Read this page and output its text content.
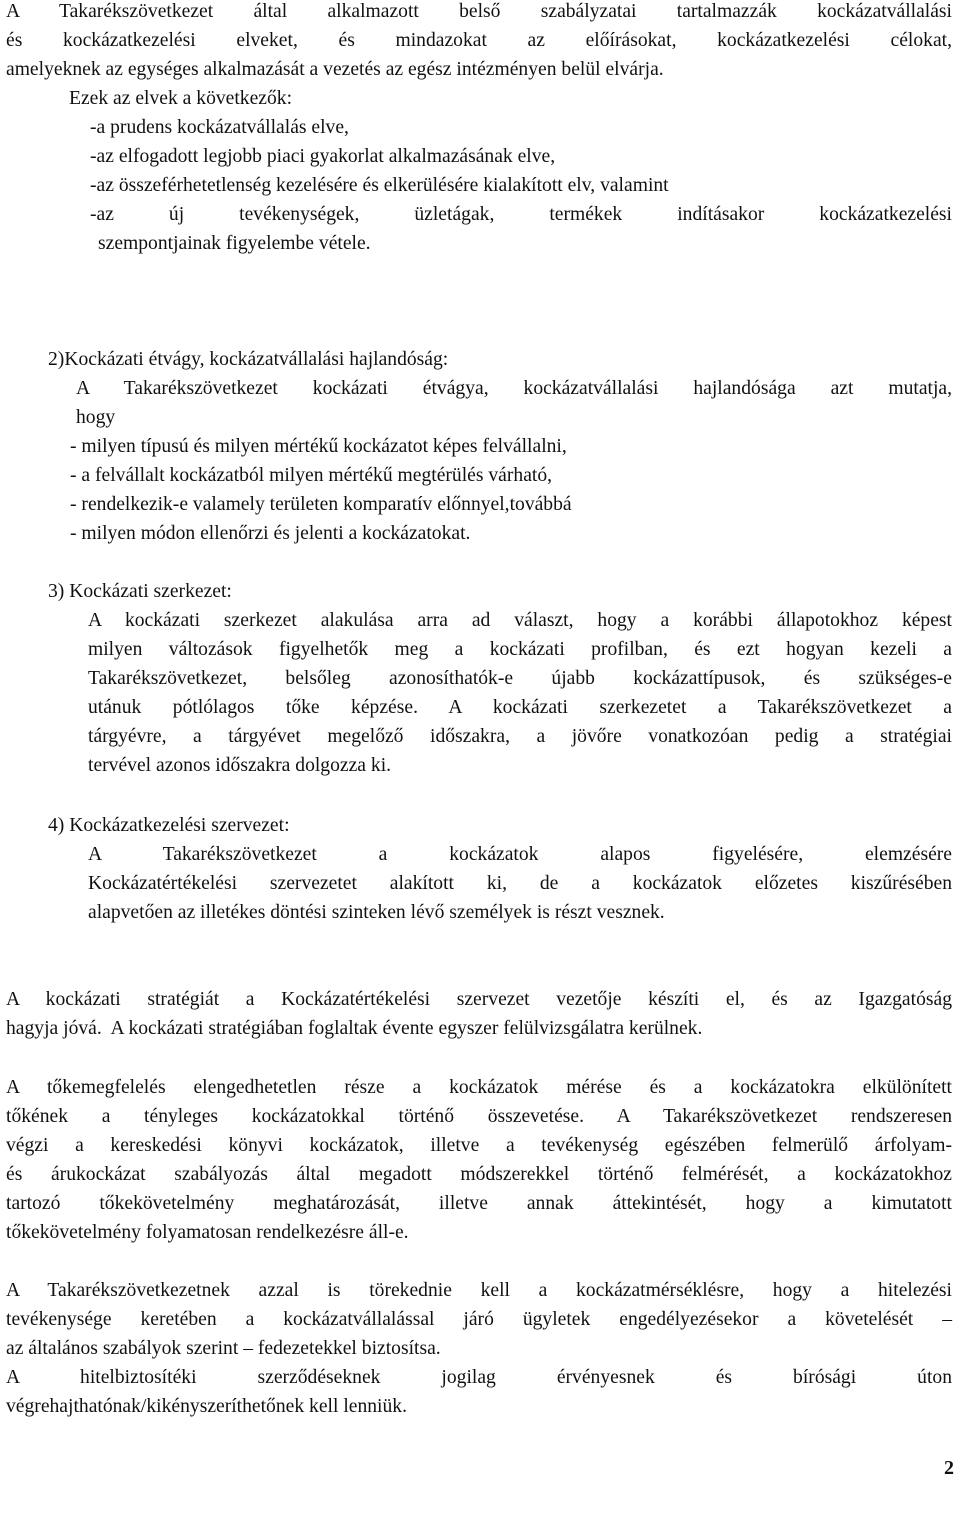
A Takarékszövetkezet által alkalmazott belső szabályzatai tartalmazzák kockázatvállalási
és kockázatkezelési elveket, és mindazokat az előírásokat, kockázatkezelési célokat,
amelyeknek az egységes alkalmazását a vezetés az egész intézményen belül elvárja.
Ezek az elvek a következők:
-a prudens kockázatvállalás elve,
-az elfogadott legjobb piaci gyakorlat alkalmazásának elve,
-az összeférhetetlenség kezelésére és elkerülésére kialakított elv, valamint
-az új tevékenységek, üzletágak, termékek indításakor kockázatkezelési
szempontjainak figyelembe vétele.
2)Kockázati étvágy, kockázatvállalási hajlandóság:
A Takarékszövetkezet kockázati étvágya, kockázatvállalási hajlandósága azt mutatja,
hogy
- milyen típusú és milyen mértékű kockázatot képes felvállalni,
- a felvállalt kockázatból milyen mértékű megtérülés várható,
- rendelkezik-e valamely területen komparatív előnnyel,továbbá
- milyen módon ellenőrzi és jelenti a kockázatokat.
3) Kockázati szerkezet:
A kockázati szerkezet alakulása arra ad választ, hogy a korábbi állapotokhoz képest
milyen változások figyelhetők meg a kockázati profilban, és ezt hogyan kezeli a
Takarékszövetkezet, belsőleg azonosíthatók-e újabb kockázattípusok, és szükséges-e
utánuk pótlólagos tőke képzése. A kockázati szerkezetet a Takarékszövetkezet a
tárgyévre, a tárgyévet megelőző időszakra, a jövőre vonatkozóan pedig a stratégiai
tervével azonos időszakra dolgozza ki.
4) Kockázatkezelési szervezet:
A Takarékszövetkezet a kockázatok alapos figyelésére, elemzésére
Kockázatértékelési szervezetet alakított ki, de a kockázatok előzetes kiszűrésében
alapvetően az illetékes döntési szinteken lévő személyek is részt vesznek.
A kockázati stratégiát a Kockázatértékelési szervezet vezetője készíti el, és az Igazgatóság
hagyja jóvá.  A kockázati stratégiában foglaltak évente egyszer felülvizsgálatra kerülnek.
A tőkemegfelelés elengedhetetlen része a kockázatok mérése és a kockázatokra elkülönített
tőkének a tényleges kockázatokkal történő összevetése. A Takarékszövetkezet rendszeresen
végzi a kereskedési könyvi kockázatok, illetve a tevékenység egészében felmerülő árfolyam-
és árukockázat szabályozás által megadott módszerekkel történő felmérését, a kockázatokhoz
tartozó tőkekövetelmény meghatározását, illetve annak áttekintését, hogy a kimutatott
tőkekövetelmény folyamatosan rendelkezésre áll-e.
A Takarékszövetkezetnek azzal is törekednie kell a kockázatmérséklésre, hogy a hitelezési
tevékenysége keretében a kockázatvállalással járó ügyletek engedélyezésekor a követelését –
az általános szabályok szerint – fedezetekkel biztosítsa.
A hitelbiztosítéki szerződéseknek jogilag érvényesnek és bírósági úton
végrehajthatónak/kikényszeríthetőnek kell lenniük.
2
